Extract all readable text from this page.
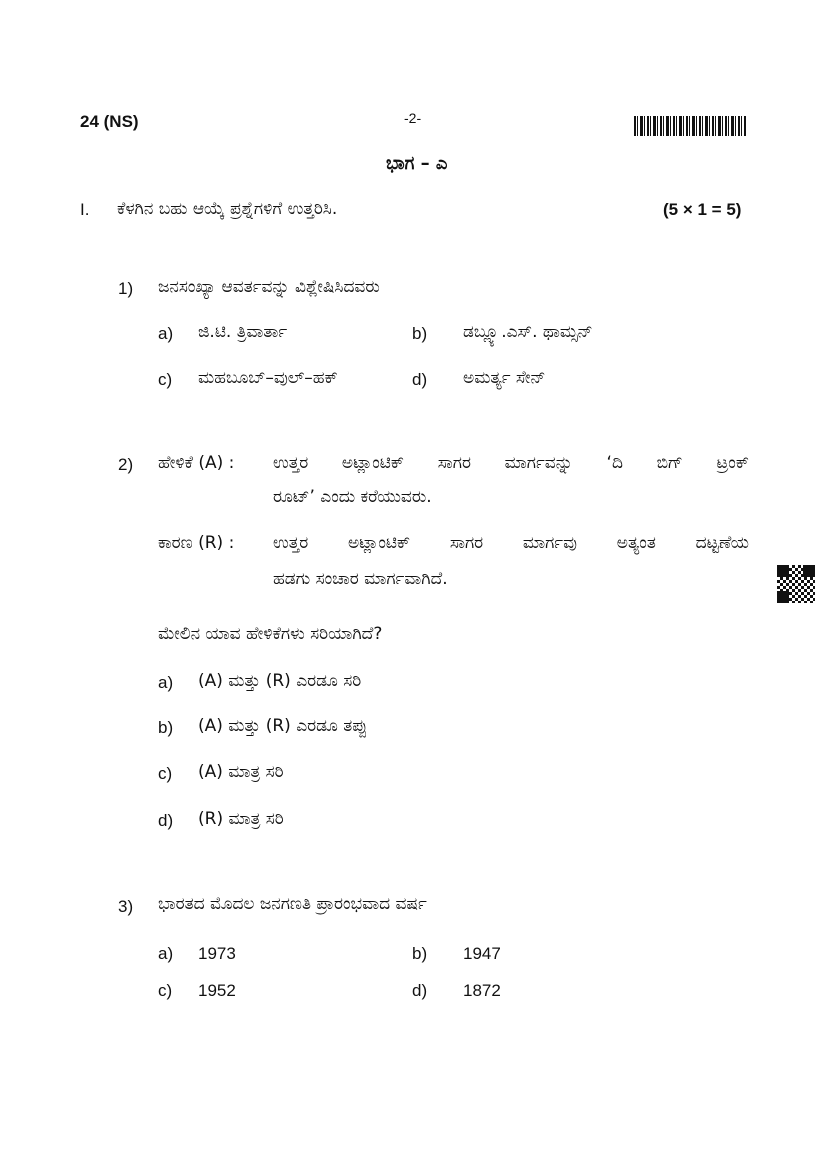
24 (NS)	-2-
ಭಾಗ – ಎ
I. ಕೆಳಗಿನ ಬಹು ಆಯ್ಕೆ ಪ್ರಶ್ನೆಗಳಿಗೆ ಉತ್ತರಿಸಿ.	(5 × 1 = 5)
1) ಜನಸಂಖ್ಯಾ ಆವರ್ತವನ್ನು ವಿಶ್ಲೇಷಿಸಿದವರು
a) ಜಿ.ಟಿ. ತ್ರಿವಾರ್ತಾ	b) ಡಬ್ಲ್ಯೂ.ಎಸ್. ಥಾಮ್ಸನ್
c) ಮಹಬೂಬ್–ವುಲ್–ಹಕ್	d) ಅಮರ್ತ್ಯ ಸೇನ್
2) ಹೇಳಿಕೆ (A) : ಉತ್ತರ ಅಟ್ಲಾಂಟಿಕ್ ಸಾಗರ ಮಾರ್ಗವನ್ನು ‘ದಿ ಬಿಗ್ ಟ್ರಂಕ್
ರೂಟ್’ ಎಂದು ಕರೆಯುವರು.
ಕಾರಣ (R) : ಉತ್ತರ ಅಟ್ಲಾಂಟಿಕ್ ಸಾಗರ ಮಾರ್ಗವು ಅತ್ಯಂತ ದಟ್ಟಣೆಯ
ಹಡಗು ಸಂಚಾರ ಮಾರ್ಗವಾಗಿದೆ.
ಮೇಲಿನ ಯಾವ ಹೇಳಿಕೆಗಳು ಸರಿಯಾಗಿದೆ?
a) (A) ಮತ್ತು (R) ಎರಡೂ ಸರಿ
b) (A) ಮತ್ತು (R) ಎರಡೂ ತಪ್ಪು
c) (A) ಮಾತ್ರ ಸರಿ
d) (R) ಮಾತ್ರ ಸರಿ
3) ಭಾರತದ ಮೊದಲ ಜನಗಣತಿ ಪ್ರಾರಂಭವಾದ ವರ್ಷ
a) 1973	b) 1947
c) 1952	d) 1872
